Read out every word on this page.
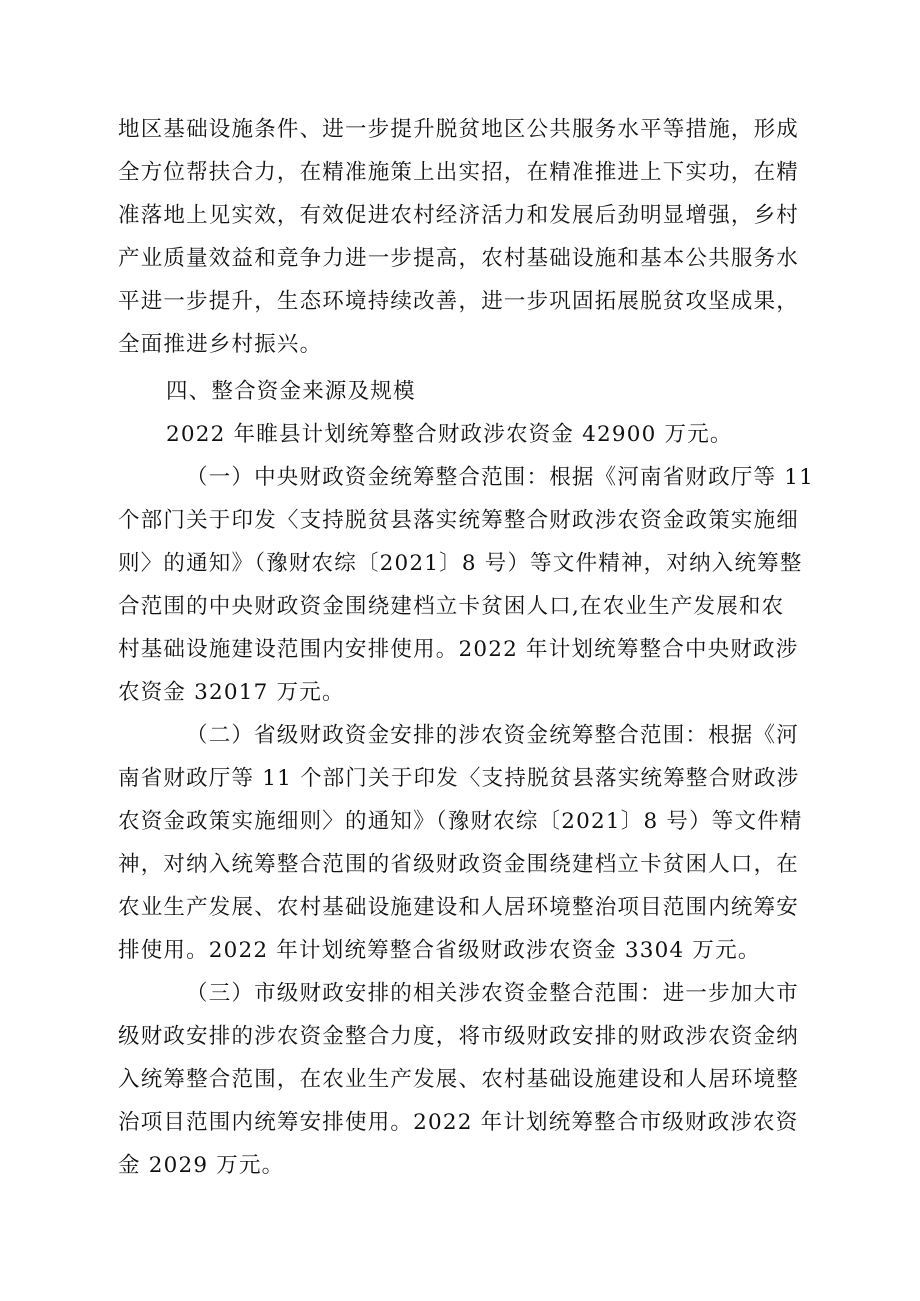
地区基础设施条件、进一步提升脱贫地区公共服务水平等措施，形成
全方位帮扶合力，在精准施策上出实招，在精准推进上下实功，在精
准落地上见实效，有效促进农村经济活力和发展后劲明显增强，乡村
产业质量效益和竞争力进一步提高，农村基础设施和基本公共服务水
平进一步提升，生态环境持续改善，进一步巩固拓展脱贫攻坚成果，
全面推进乡村振兴。
四、整合资金来源及规模
2022 年睢县计划统筹整合财政涉农资金 42900 万元。
（一）中央财政资金统筹整合范围：根据《河南省财政厅等 11
个部门关于印发〈支持脱贫县落实统筹整合财政涉农资金政策实施细
则〉的通知》（豫财农综〔2021〕8 号）等文件精神，对纳入统筹整
合范围的中央财政资金围绕建档立卡贫困人口,在农业生产发展和农
村基础设施建设范围内安排使用。2022 年计划统筹整合中央财政涉
农资金 32017 万元。
（二）省级财政资金安排的涉农资金统筹整合范围：根据《河
南省财政厅等 11 个部门关于印发〈支持脱贫县落实统筹整合财政涉
农资金政策实施细则〉的通知》（豫财农综〔2021〕8 号）等文件精
神，对纳入统筹整合范围的省级财政资金围绕建档立卡贫困人口，在
农业生产发展、农村基础设施建设和人居环境整治项目范围内统筹安
排使用。2022 年计划统筹整合省级财政涉农资金 3304 万元。
（三）市级财政安排的相关涉农资金整合范围：进一步加大市
级财政安排的涉农资金整合力度，将市级财政安排的财政涉农资金纳
入统筹整合范围，在农业生产发展、农村基础设施建设和人居环境整
治项目范围内统筹安排使用。2022 年计划统筹整合市级财政涉农资
金 2029 万元。
